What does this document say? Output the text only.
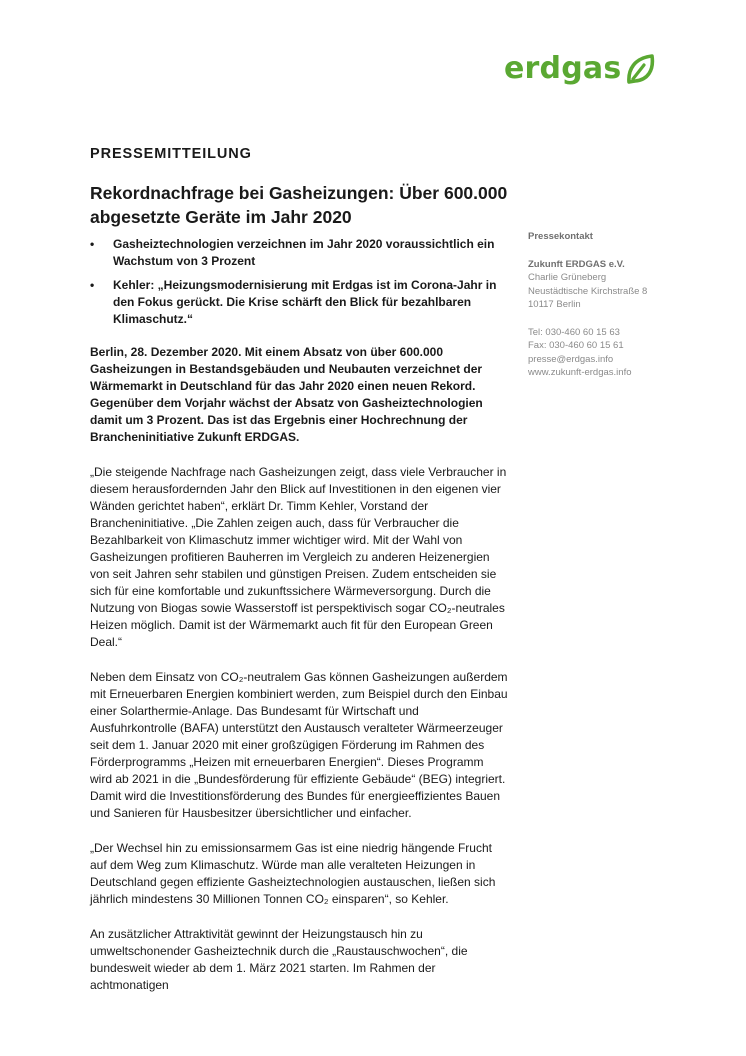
erdgas
PRESSEMITTEILUNG
Rekordnachfrage bei Gasheizungen: Über 600.000 abgesetzte Geräte im Jahr 2020
• Gasheiztechnologien verzeichnen im Jahr 2020 voraussichtlich ein Wachstum von 3 Prozent
• Kehler: „Heizungsmodernisierung mit Erdgas ist im Corona-Jahr in den Fokus gerückt. Die Krise schärft den Blick für bezahlbaren Klimaschutz.“

Berlin, 28. Dezember 2020. Mit einem Absatz von über 600.000 Gasheizungen in Bestandsgebäuden und Neubauten verzeichnet der Wärmemarkt in Deutschland für das Jahr 2020 einen neuen Rekord. Gegenüber dem Vorjahr wächst der Absatz von Gasheiztechnologien damit um 3 Prozent. Das ist das Ergebnis einer Hochrechnung der Brancheninitiative Zukunft ERDGAS.

„Die steigende Nachfrage nach Gasheizungen zeigt, dass viele Verbraucher in diesem herausfordernden Jahr den Blick auf Investitionen in den eigenen vier Wänden gerichtet haben“, erklärt Dr. Timm Kehler, Vorstand der Brancheninitiative. „Die Zahlen zeigen auch, dass für Verbraucher die Bezahlbarkeit von Klimaschutz immer wichtiger wird. Mit der Wahl von Gasheizungen profitieren Bauherren im Vergleich zu anderen Heizenergien von seit Jahren sehr stabilen und günstigen Preisen. Zudem entscheiden sie sich für eine komfortable und zukunftssichere Wärmeversorgung. Durch die Nutzung von Biogas sowie Wasserstoff ist perspektivisch sogar CO₂-neutrales Heizen möglich. Damit ist der Wärmemarkt auch fit für den European Green Deal.“

Neben dem Einsatz von CO₂-neutralem Gas können Gasheizungen außerdem mit Erneuerbaren Energien kombiniert werden, zum Beispiel durch den Einbau einer Solarthermie-Anlage. Das Bundesamt für Wirtschaft und Ausfuhrkontrolle (BAFA) unterstützt den Austausch veralteter Wärmeerzeuger seit dem 1. Januar 2020 mit einer großzügigen Förderung im Rahmen des Förderprogramms „Heizen mit erneuerbaren Energien“. Dieses Programm wird ab 2021 in die „Bundesförderung für effiziente Gebäude“ (BEG) integriert. Damit wird die Investitionsförderung des Bundes für energieeffizientes Bauen und Sanieren für Hausbesitzer übersichtlicher und einfacher.

„Der Wechsel hin zu emissionsarmem Gas ist eine niedrig hängende Frucht auf dem Weg zum Klimaschutz. Würde man alle veralteten Heizungen in Deutschland gegen effiziente Gasheiztechnologien austauschen, ließen sich jährlich mindestens 30 Millionen Tonnen CO₂ einsparen“, so Kehler.

An zusätzlicher Attraktivität gewinnt der Heizungstausch hin zu umweltschonender Gasheiztechnik durch die „Raustauschwochen“, die bundesweit wieder ab dem 1. März 2021 starten. Im Rahmen der achtmonatigen

Pressekontakt
Zukunft ERDGAS e.V.
Charlie Grüneberg
Neustädtische Kirchstraße 8
10117 Berlin
Tel: 030-460 60 15 63
Fax: 030-460 60 15 61
presse@erdgas.info
www.zukunft-erdgas.info
